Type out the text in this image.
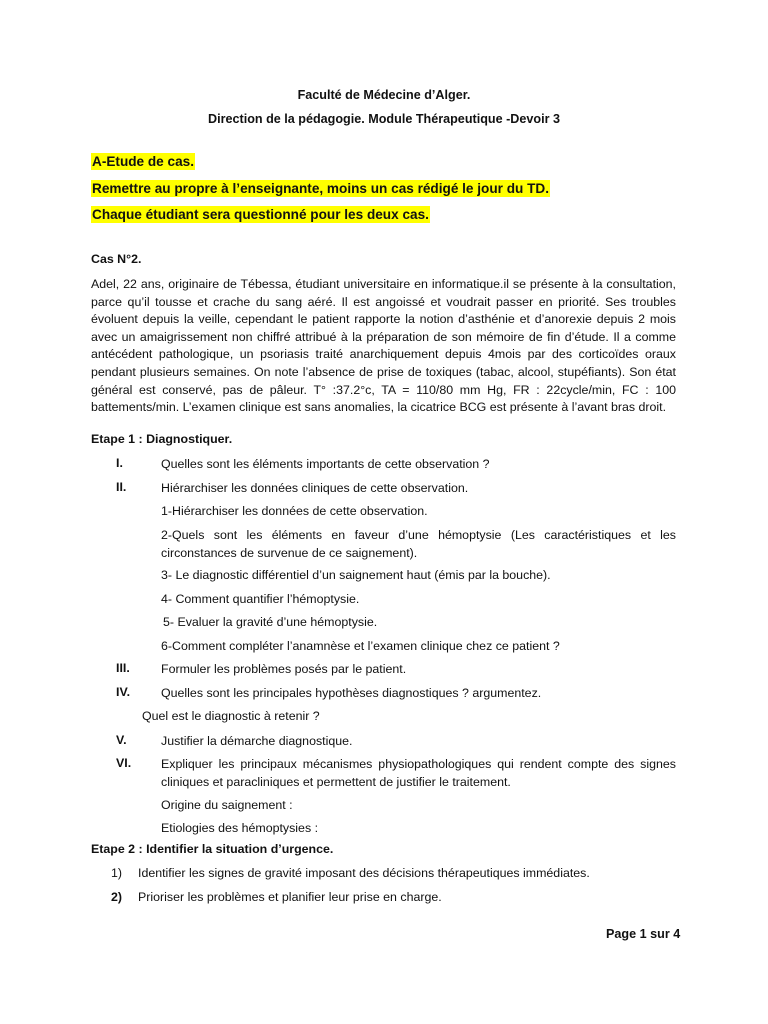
Faculté de Médecine d’Alger.
Direction de la pédagogie. Module Thérapeutique -Devoir 3
A-Etude de cas.
Remettre au propre à l’enseignante, moins un cas rédigé le jour du TD.
Chaque étudiant sera questionné pour les deux cas.
Cas N°2.

Adel, 22 ans, originaire de Tébessa, étudiant universitaire en informatique.il se présente à la consultation, parce qu’il tousse et crache du sang aéré. Il est angoissé et voudrait passer en priorité. Ses troubles évoluent depuis la veille, cependant le patient rapporte la notion d’asthénie et d’anorexie depuis 2 mois avec un amaigrissement non chiffré attribué à la préparation de son mémoire de fin d’étude. Il a comme antécédent pathologique, un psoriasis traité anarchiquement depuis 4mois par des corticoïdes oraux pendant plusieurs semaines. On note l’absence de prise de toxiques (tabac, alcool, stupéfiants). Son état général est conservé, pas de pâleur. T° :37.2°c, TA = 110/80 mm Hg, FR : 22cycle/min, FC : 100 battements/min. L’examen clinique est sans anomalies, la cicatrice BCG est présente à l’avant bras droit.

Etape 1 : Diagnostiquer.
I.	Quelles sont les éléments importants de cette observation ?
II.	Hiérarchiser les données cliniques de cette observation.
1-Hiérarchiser les données de cette observation.
2-Quels sont les éléments en faveur d’une hémoptysie (Les caractéristiques et les circonstances de survenue de ce saignement).
3- Le diagnostic différentiel d’un saignement haut (émis par la bouche).
4- Comment quantifier l’hémoptysie.
5- Evaluer la gravité d’une hémoptysie.
6-Comment compléter l’anamnèse et l’examen clinique chez ce patient ?
III.	Formuler les problèmes posés par le patient.
IV. Quelles sont les principales hypothèses diagnostiques ? argumentez.
Quel est le diagnostic à retenir ?
V.	Justifier la démarche diagnostique.
VI. Expliquer les principaux mécanismes physiopathologiques qui rendent compte des signes cliniques et paracliniques et permettent de justifier le traitement.
Origine du saignement :
Etiologies des hémoptysies :
Etape 2 : Identifier la situation d’urgence.
1) Identifier les signes de gravité imposant des décisions thérapeutiques immédiates.
2) Prioriser les problèmes et planifier leur prise en charge.
Page 1 sur 4
